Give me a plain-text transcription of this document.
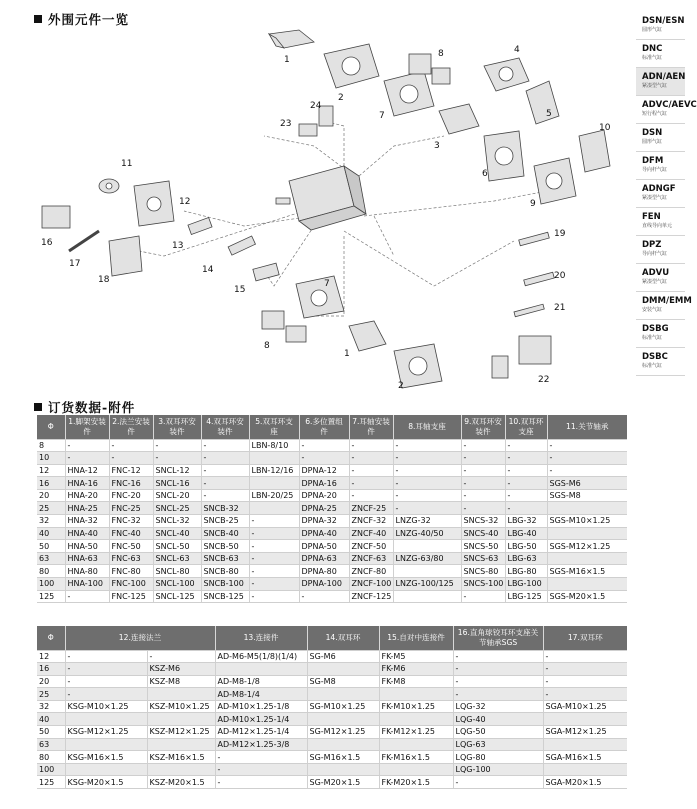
外围元件一览
1
2
3
4
5
6
7
8
9
10
11
12
13
14
15
16
17
18
19
20
21
22
23
24
7
8
1
2
订货数据-附件
Φ	1.脚架安装件	2.法兰安装件	3.双耳环安装件	4.双耳环安装件	5.双耳环支座	6.多位置组件	7.耳轴安装件	8.耳轴支座	9.双耳环安装件	10.双耳环支座	11.关节轴承
8	-	-	-	-	LBN-8/10	-	-	-	-	-	-
10	-	-	-	-		-	-	-	-	-	-
12	HNA-12	FNC-12	SNCL-12	-	LBN-12/16	DPNA-12	-	-	-	-	-
16	HNA-16	FNC-16	SNCL-16	-		DPNA-16	-	-	-	-	SGS-M6
20	HNA-20	FNC-20	SNCL-20	-	LBN-20/25	DPNA-20	-	-	-	-	SGS-M8
25	HNA-25	FNC-25	SNCL-25	SNCB-32		DPNA-25	ZNCF-25	-	-	-	
32	HNA-32	FNC-32	SNCL-32	SNCB-25	-	DPNA-32	ZNCF-32	LNZG-32	SNCS-32	LBG-32	SGS-M10×1.25
40	HNA-40	FNC-40	SNCL-40	SNCB-40	-	DPNA-40	ZNCF-40	LNZG-40/50	SNCS-40	LBG-40	
50	HNA-50	FNC-50	SNCL-50	SNCB-50	-	DPNA-50	ZNCF-50		SNCS-50	LBG-50	SGS-M12×1.25
63	HNA-63	FNC-63	SNCL-63	SNCB-63	-	DPNA-63	ZNCF-63	LNZG-63/80	SNCS-63	LBG-63	
80	HNA-80	FNC-80	SNCL-80	SNCB-80	-	DPNA-80	ZNCF-80		SNCS-80	LBG-80	SGS-M16×1.5
100	HNA-100	FNC-100	SNCL-100	SNCB-100	-	DPNA-100	ZNCF-100	LNZG-100/125	SNCS-100	LBG-100	
125	-	FNC-125	SNCL-125	SNCB-125	-	-	ZNCF-125		-	LBG-125	SGS-M20×1.5
Φ	12.连接法兰		13.连接件	14.双耳环	15.自对中连接件	16.直角球铰耳环支座关节轴承SGS	17.双耳环
12	-	-	AD-M6-M5(1/8)(1/4)	SG-M6	FK-M5	-	-
16	-	KSZ-M6			FK-M6	-	-
20	-	KSZ-M8	AD-M8-1/8	SG-M8	FK-M8	-	-
25	-		AD-M8-1/4			-	-
32	KSG-M10×1.25	KSZ-M10×1.25	AD-M10×1.25-1/8	SG-M10×1.25	FK-M10×1.25	LQG-32	SGA-M10×1.25
40			AD-M10×1.25-1/4			LQG-40	
50	KSG-M12×1.25	KSZ-M12×1.25	AD-M12×1.25-1/4	SG-M12×1.25	FK-M12×1.25	LQG-50	SGA-M12×1.25
63			AD-M12×1.25-3/8			LQG-63	
80	KSG-M16×1.5	KSZ-M16×1.5	-	SG-M16×1.5	FK-M16×1.5	LQG-80	SGA-M16×1.5
100			-			LQG-100	
125	KSG-M20×1.5	KSZ-M20×1.5	-	SG-M20×1.5	FK-M20×1.5	-	SGA-M20×1.5
DSN/ESN
圆形气缸
DNC
标准气缸
ADN/AEN
紧凑型气缸
ADVC/AEVC
短行程气缸
DSN
圆形气缸
DFM
导向杆气缸
ADNGF
紧凑型气缸
FEN
直线导向单元
DPZ
导向杆气缸
ADVU
紧凑型气缸
DMM/EMM
安装气缸
DSBG
标准气缸
DSBC
标准气缸
